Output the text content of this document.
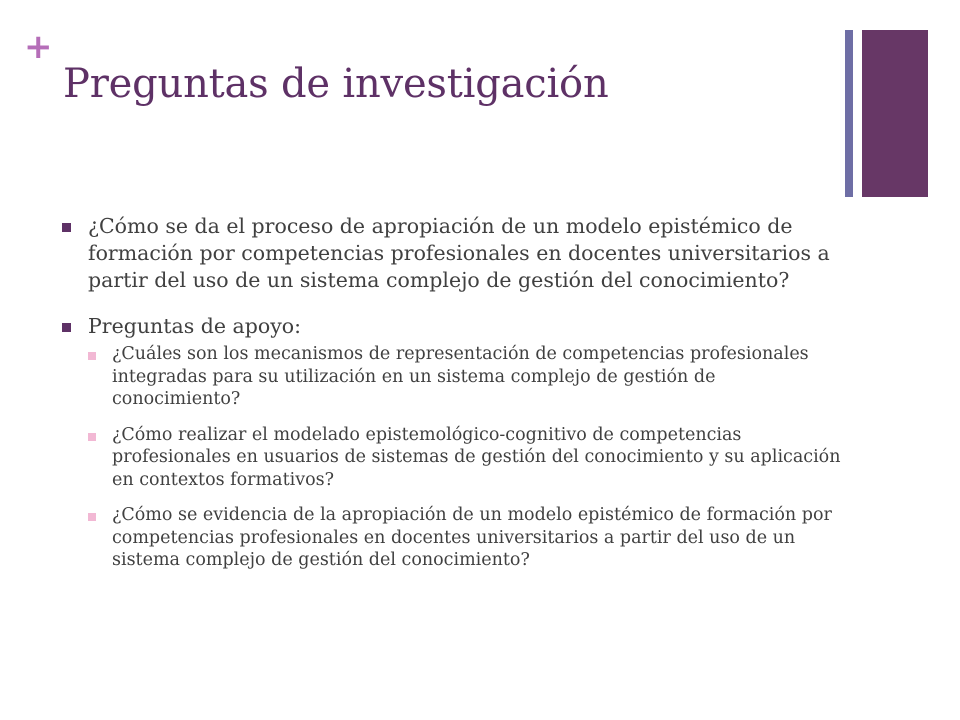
+
Preguntas de investigación
¿Cómo se da el proceso de apropiación de un modelo epistémico de formación por competencias profesionales en docentes universitarios a partir del uso de un sistema complejo de gestión del conocimiento?
Preguntas de apoyo:
¿Cuáles son los mecanismos de representación de competencias profesionales integradas para su utilización en un sistema complejo de gestión de conocimiento?
¿Cómo realizar el modelado epistemológico-cognitivo de competencias profesionales en usuarios de sistemas de gestión del conocimiento y su aplicación en contextos formativos?
¿Cómo se evidencia de la apropiación de un modelo epistémico de formación por competencias profesionales en docentes universitarios a partir del uso de un sistema complejo de gestión del conocimiento?
